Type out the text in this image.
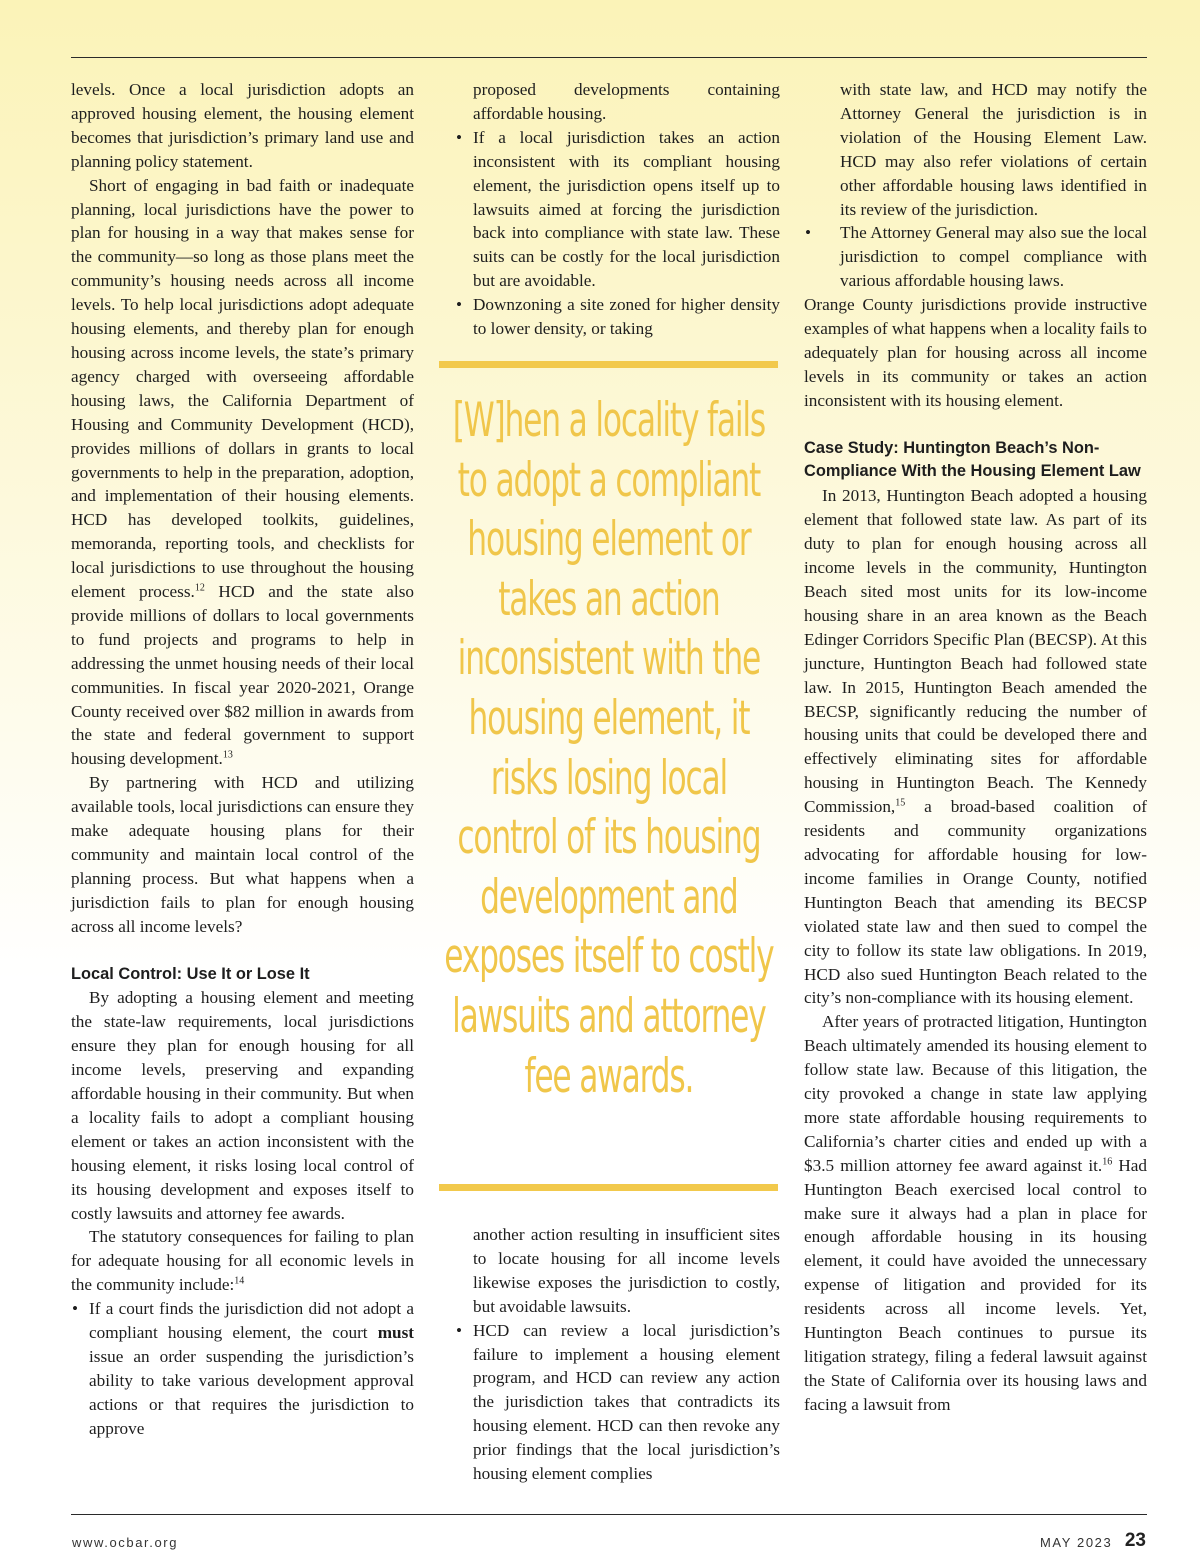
levels. Once a local jurisdiction adopts an approved housing element, the housing element becomes that jurisdiction’s primary land use and planning policy statement.

Short of engaging in bad faith or inadequate planning, local jurisdictions have the power to plan for housing in a way that makes sense for the community—so long as those plans meet the community’s housing needs across all income levels. To help local jurisdictions adopt adequate housing elements, and thereby plan for enough housing across income levels, the state’s primary agency charged with overseeing affordable housing laws, the California Department of Housing and Community Development (HCD), provides millions of dollars in grants to local governments to help in the preparation, adoption, and implementation of their housing elements. HCD has developed toolkits, guidelines, memoranda, reporting tools, and checklists for local jurisdictions to use throughout the housing element process.$^{12}$ HCD and the state also provide millions of dollars to local governments to fund projects and programs to help in addressing the unmet housing needs of their local communities. In fiscal year 2020-2021, Orange County received over $82 million in awards from the state and federal government to support housing development.$^{13}$

By partnering with HCD and utilizing available tools, local jurisdictions can ensure they make adequate housing plans for their community and maintain local control of the planning process. But what happens when a jurisdiction fails to plan for enough housing across all income levels?

Local Control: Use It or Lose It

By adopting a housing element and meeting the state-law requirements, local jurisdictions ensure they plan for enough housing for all income levels, preserving and expanding affordable housing in their community. But when a locality fails to adopt a compliant housing element or takes an action inconsistent with the housing element, it risks losing local control of its housing development and exposes itself to costly lawsuits and attorney fee awards.

The statutory consequences for failing to plan for adequate housing for all economic levels in the community include:$^{14}$

• If a court finds the jurisdiction did not adopt a compliant housing element, the court must issue an order suspending the jurisdiction’s ability to take various development approval actions or that requires the jurisdiction to approve
proposed developments containing affordable housing.
• If a local jurisdiction takes an action inconsistent with its compliant housing element, the jurisdiction opens itself up to lawsuits aimed at forcing the jurisdiction back into compliance with state law. These suits can be costly for the local jurisdiction but are avoidable.
• Downzoning a site zoned for higher density to lower density, or taking
[W]hen a locality fails to adopt a compliant housing element or takes an action inconsistent with the housing element, it risks losing local control of its housing development and exposes itself to costly lawsuits and attorney fee awards.
another action resulting in insufficient sites to locate housing for all income levels likewise exposes the jurisdiction to costly, but avoidable lawsuits.
• HCD can review a local jurisdiction’s failure to implement a housing element program, and HCD can review any action the jurisdiction takes that contradicts its housing element. HCD can then revoke any prior findings that the local jurisdiction’s housing element complies
with state law, and HCD may notify the Attorney General the jurisdiction is in violation of the Housing Element Law. HCD may also refer violations of certain other affordable housing laws identified in its review of the jurisdiction.
• The Attorney General may also sue the local jurisdiction to compel compliance with various affordable housing laws.

Orange County jurisdictions provide instructive examples of what happens when a locality fails to adequately plan for housing across all income levels in its community or takes an action inconsistent with its housing element.

Case Study: Huntington Beach’s Non-Compliance With the Housing Element Law

In 2013, Huntington Beach adopted a housing element that followed state law. As part of its duty to plan for enough housing across all income levels in the community, Huntington Beach sited most units for its low-income housing share in an area known as the Beach Edinger Corridors Specific Plan (BECSP). At this juncture, Huntington Beach had followed state law. In 2015, Huntington Beach amended the BECSP, significantly reducing the number of housing units that could be developed there and effectively eliminating sites for affordable housing in Huntington Beach. The Kennedy Commission,$^{15}$ a broad-based coalition of residents and community organizations advocating for affordable housing for low-income families in Orange County, notified Huntington Beach that amending its BECSP violated state law and then sued to compel the city to follow its state law obligations. In 2019, HCD also sued Huntington Beach related to the city’s non-compliance with its housing element.

After years of protracted litigation, Huntington Beach ultimately amended its housing element to follow state law. Because of this litigation, the city provoked a change in state law applying more state affordable housing requirements to California’s charter cities and ended up with a $3.5 million attorney fee award against it.$^{16}$ Had Huntington Beach exercised local control to make sure it always had a plan in place for enough affordable housing in its housing element, it could have avoided the unnecessary expense of litigation and provided for its residents across all income levels. Yet, Huntington Beach continues to pursue its litigation strategy, filing a federal lawsuit against the State of California over its housing laws and facing a lawsuit from

www.ocbar.org	MAY 2023 23
